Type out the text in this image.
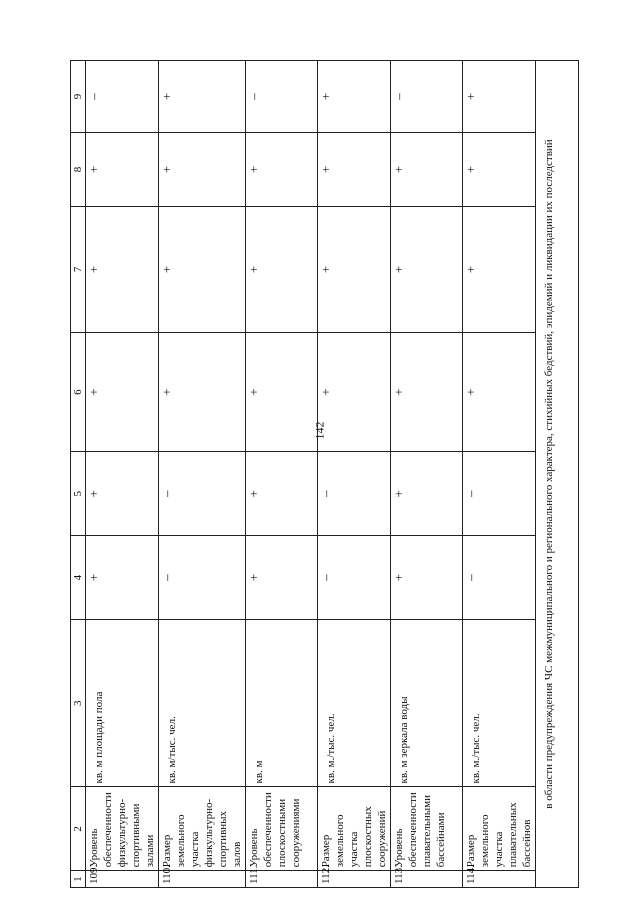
142
1	2	3	4	5	6	7	8	9
109.	Уровень обеспеченности физкультурно-спортивными залами	кв. м площади пола	+	+	+	+	+	–
110.	Размер земельного участка физкультурно-спортивных залов	кв. м/тыс. чел.	–	–	+	+	+	+
111.	Уровень обеспеченности плоскостными сооружениями	кв. м	+	+	+	+	+	–
112.	Размер земельного участка плоскостных сооружений	кв. м./тыс. чел.	–	–	+	+	+	+
113.	Уровень обеспеченности плавательными бассейнами	кв. м зеркала воды	+	+	+	+	+	–
114.	Размер земельного участка плавательных бассейнов	кв. м./тыс. чел.	–	–	+	+	+	+
в области предупреждения ЧС межмуниципального и регионального характера, стихийных бедствий, эпидемий и ликвидации их последствий								
